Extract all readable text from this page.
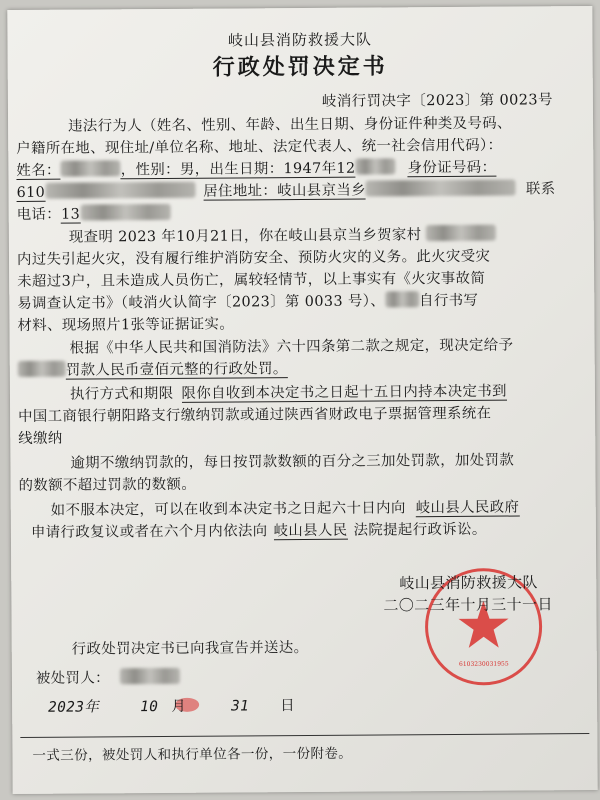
岐山县消防救援大队
行政处罚决定书
岐消行罚决字〔2023〕第 0023号
违法行为人（姓名、性别、年龄、出生日期、身份证件种类及号码、
户籍所在地、现住址/单位名称、地址、法定代表人、统一社会信用代码）：
姓名：	，性别：男，出生日期：1947年12	身份证号码：
610	居住地址：岐山县京当乡	联系
电话：13
现查明 2023 年10月21日，你在岐山县京当乡贺家村
内过失引起火灾，没有履行维护消防安全、预防火灾的义务。此火灾受灾
未超过3户，且未造成人员伤亡，属较轻情节，以上事实有《火灾事故简
易调查认定书》（岐消火认简字〔2023〕第 0033 号）、 自行书写
材料、现场照片1张等证据证实。
根据《中华人民共和国消防法》六十四条第二款之规定，现决定给予
罚款人民币壹佰元整的行政处罚。
执行方式和期限 限你自收到本决定书之日起十五日内持本决定书到
中国工商银行朝阳路支行缴纳罚款或通过陕西省财政电子票据管理系统在
线缴纳
逾期不缴纳罚款的，每日按罚款数额的百分之三加处罚款，加处罚款
的数额不超过罚款的数额。
如不服本决定，可以在收到本决定书之日起六十日内向 岐山县人民政府
申请行政复议或者在六个月内依法向 岐山县人民 法院提起行政诉讼。
6103230031955
岐山县消防救援大队
二〇二三年十月三十一日
行政处罚决定书已向我宣告并送达。
被处罚人：
2023年	10 月	31 日
一式三份，被处罚人和执行单位各一份，一份附卷。
